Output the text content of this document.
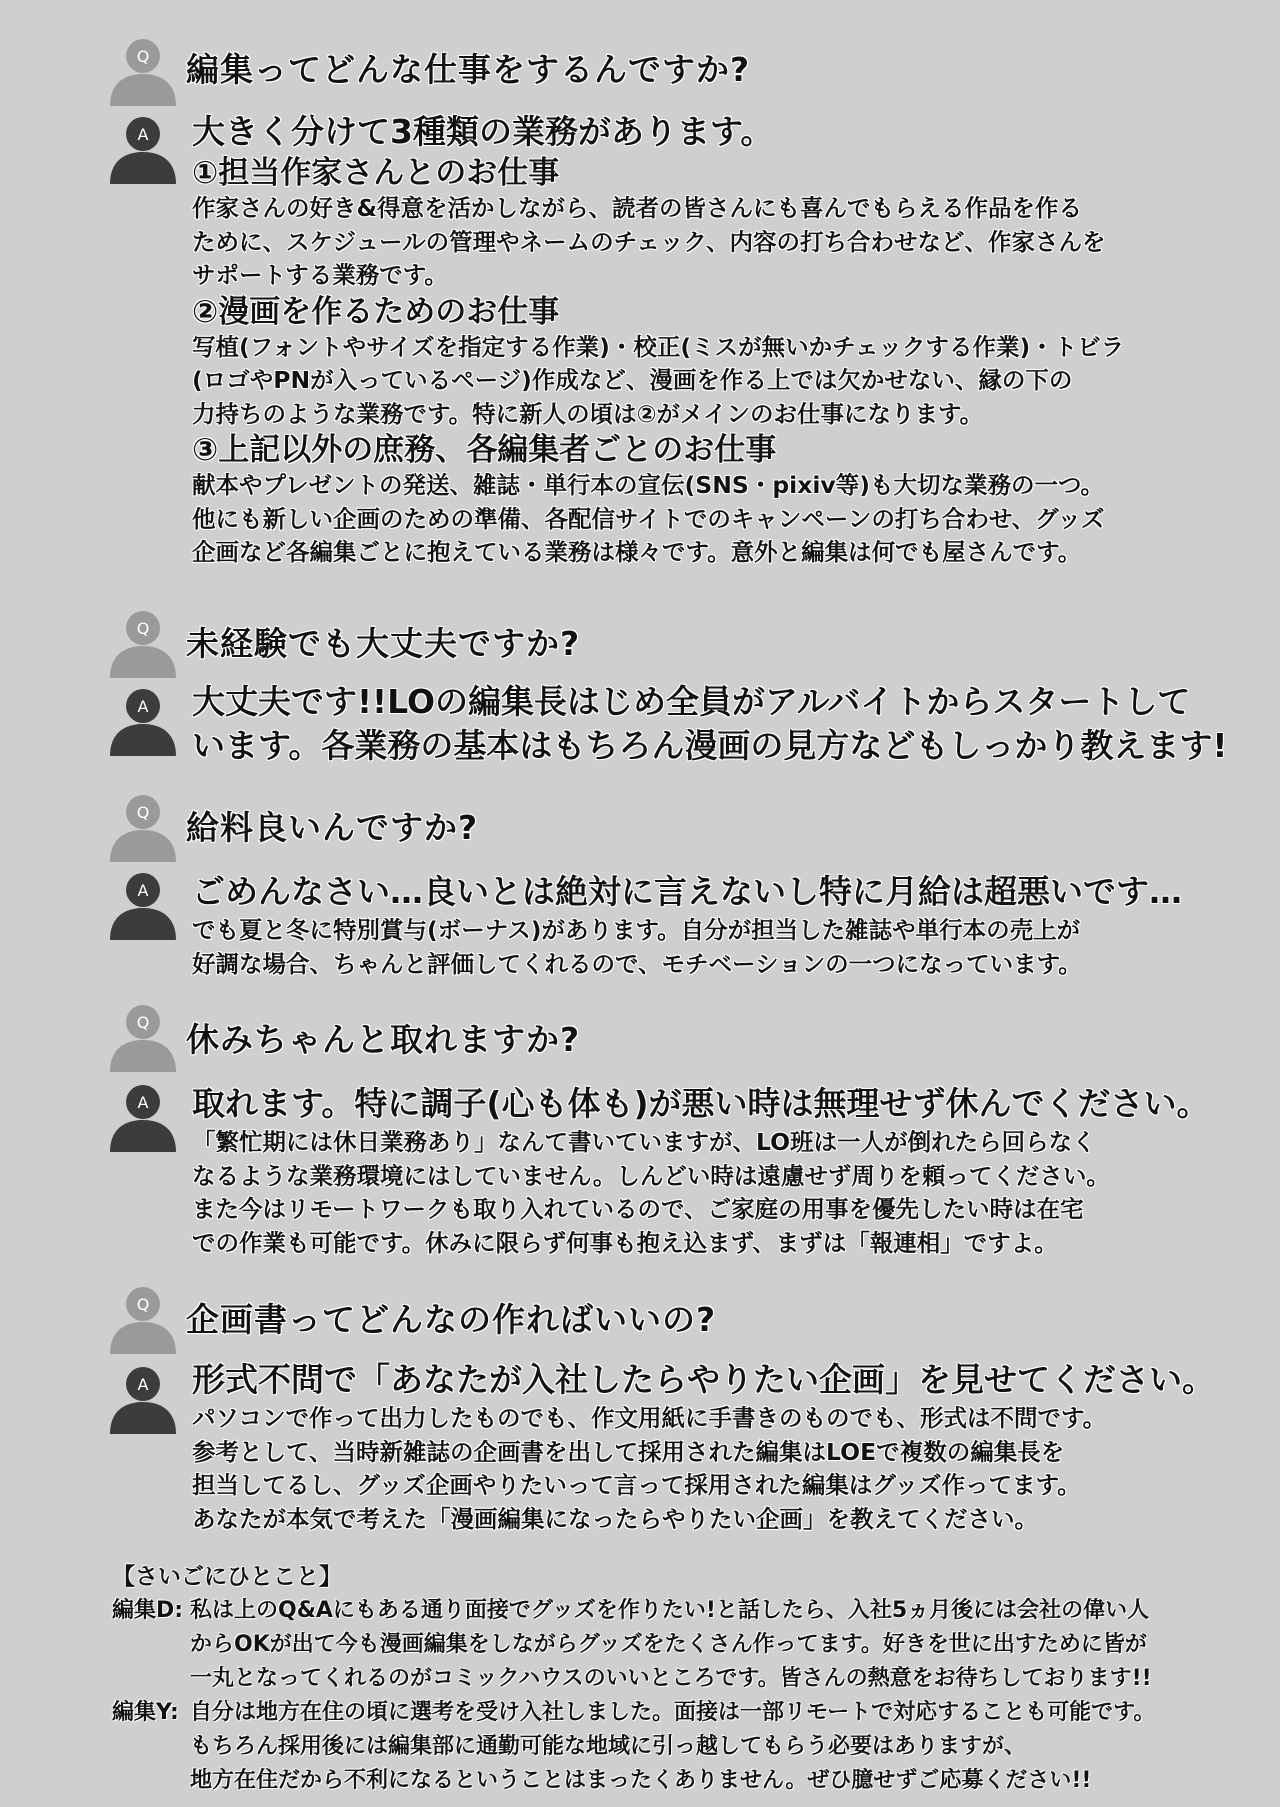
Q 編集ってどんな仕事をするんですか?
A 大きく分けて3種類の業務があります。
①担当作家さんとのお仕事
作家さんの好き&得意を活かしながら、読者の皆さんにも喜んでもらえる作品を作る
ために、スケジュールの管理やネームのチェック、内容の打ち合わせなど、作家さんを
サポートする業務です。
②漫画を作るためのお仕事
写植(フォントやサイズを指定する作業)・校正(ミスが無いかチェックする作業)・トビラ
(ロゴやPNが入っているページ)作成など、漫画を作る上では欠かせない、縁の下の
力持ちのような業務です。特に新人の頃は②がメインのお仕事になります。
③上記以外の庶務、各編集者ごとのお仕事
献本やプレゼントの発送、雑誌・単行本の宣伝(SNS・pixiv等)も大切な業務の一つ。
他にも新しい企画のための準備、各配信サイトでのキャンペーンの打ち合わせ、グッズ
企画など各編集ごとに抱えている業務は様々です。意外と編集は何でも屋さんです。
Q 未経験でも大丈夫ですか?
A 大丈夫です!!LOの編集長はじめ全員がアルバイトからスタートして
います。各業務の基本はもちろん漫画の見方などもしっかり教えます!
Q 給料良いんですか?
A ごめんなさい…良いとは絶対に言えないし特に月給は超悪いです…
でも夏と冬に特別賞与(ボーナス)があります。自分が担当した雑誌や単行本の売上が
好調な場合、ちゃんと評価してくれるので、モチベーションの一つになっています。
Q 休みちゃんと取れますか?
A 取れます。特に調子(心も体も)が悪い時は無理せず休んでください。
「繁忙期には休日業務あり」なんて書いていますが、LO班は一人が倒れたら回らなく
なるような業務環境にはしていません。しんどい時は遠慮せず周りを頼ってください。
また今はリモートワークも取り入れているので、ご家庭の用事を優先したい時は在宅
での作業も可能です。休みに限らず何事も抱え込まず、まずは「報連相」ですよ。
Q 企画書ってどんなの作ればいいの?
A 形式不問で「あなたが入社したらやりたい企画」を見せてください。
パソコンで作って出力したものでも、作文用紙に手書きのものでも、形式は不問です。
参考として、当時新雑誌の企画書を出して採用された編集はLOEで複数の編集長を
担当してるし、グッズ企画やりたいって言って採用された編集はグッズ作ってます。
あなたが本気で考えた「漫画編集になったらやりたい企画」を教えてください。
【さいごにひとこと】
編集D: 私は上のQ&Aにもある通り面接でグッズを作りたい!と話したら、入社5ヵ月後には会社の偉い人
からOKが出て今も漫画編集をしながらグッズをたくさん作ってます。好きを世に出すために皆が
一丸となってくれるのがコミックハウスのいいところです。皆さんの熱意をお待ちしております!!
編集Y: 自分は地方在住の頃に選考を受け入社しました。面接は一部リモートで対応することも可能です。
もちろん採用後には編集部に通勤可能な地域に引っ越してもらう必要はありますが、
地方在住だから不利になるということはまったくありません。ぜひ臆せずご応募ください!!
